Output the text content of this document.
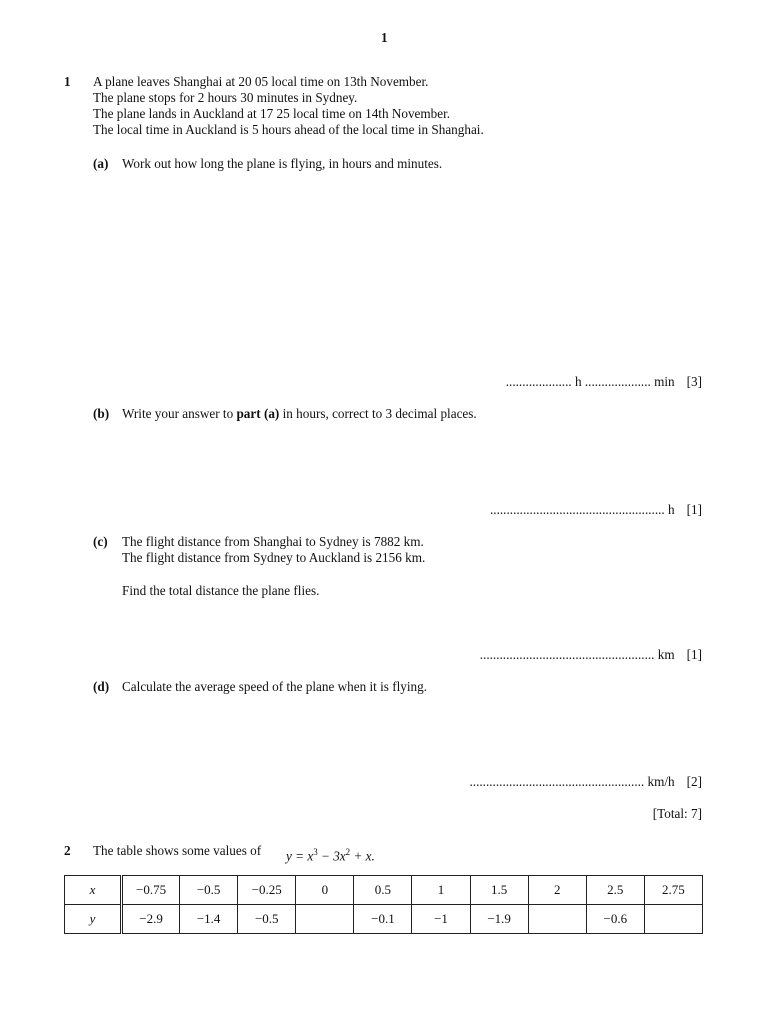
1
1 A plane leaves Shanghai at 20 05 local time on 13th November.
The plane stops for 2 hours 30 minutes in Sydney.
The plane lands in Auckland at 17 25 local time on 14th November.
The local time in Auckland is 5 hours ahead of the local time in Shanghai.
(a) Work out how long the plane is flying, in hours and minutes.
.................... h .................... min [3]
(b) Write your answer to part (a) in hours, correct to 3 decimal places.
..................................................... h [1]
(c) The flight distance from Shanghai to Sydney is 7882 km.
The flight distance from Sydney to Auckland is 2156 km.
Find the total distance the plane flies.
..................................................... km [1]
(d) Calculate the average speed of the plane when it is flying.
..................................................... km/h [2]
[Total: 7]
2 The table shows some values of $y = x^3 - 3x^2 + x$.
x	−0.75	−0.5	−0.25	0	0.5	1	1.5	2	2.5	2.75
y	−2.9	−1.4	−0.5		−0.1	−1	−1.9		−0.6	
